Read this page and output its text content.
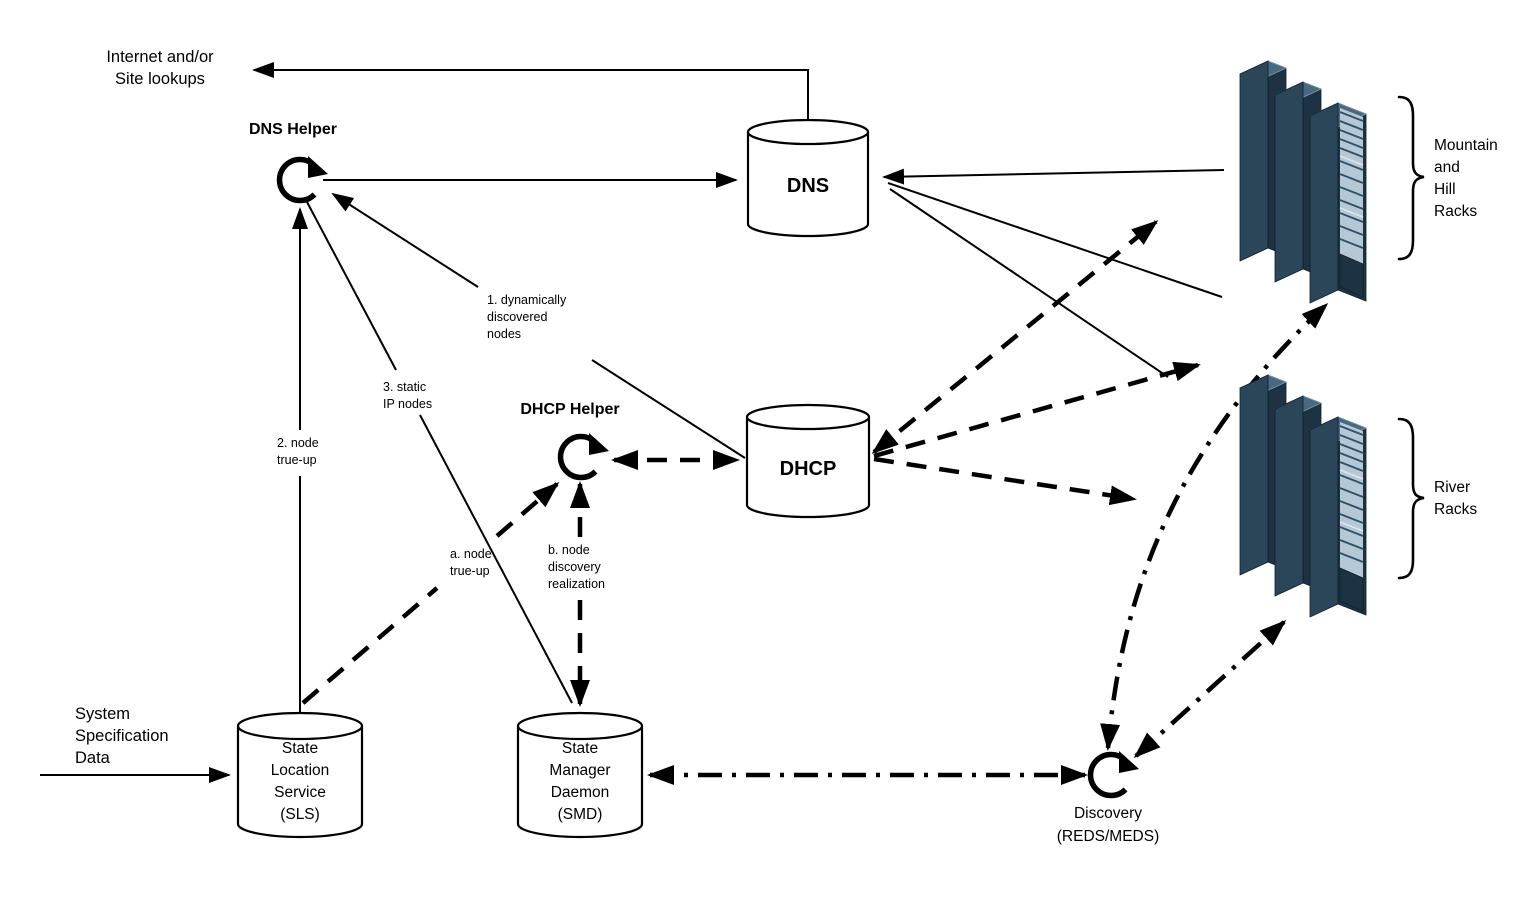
Internet and/or
Site lookups
DNS Helper
DNS
DHCP Helper
DHCP
State
Location
Service
(SLS)
State
Manager
Daemon
(SMD)	Discovery
(REDS/MEDS)
System
Specification
Data
Mountain
and
Hill
Racks
River
Racks
1. dynamically
discovered
nodes
2. node
true-up
3. static
IP nodes
a. node
true-up
b. node
discovery
realization
